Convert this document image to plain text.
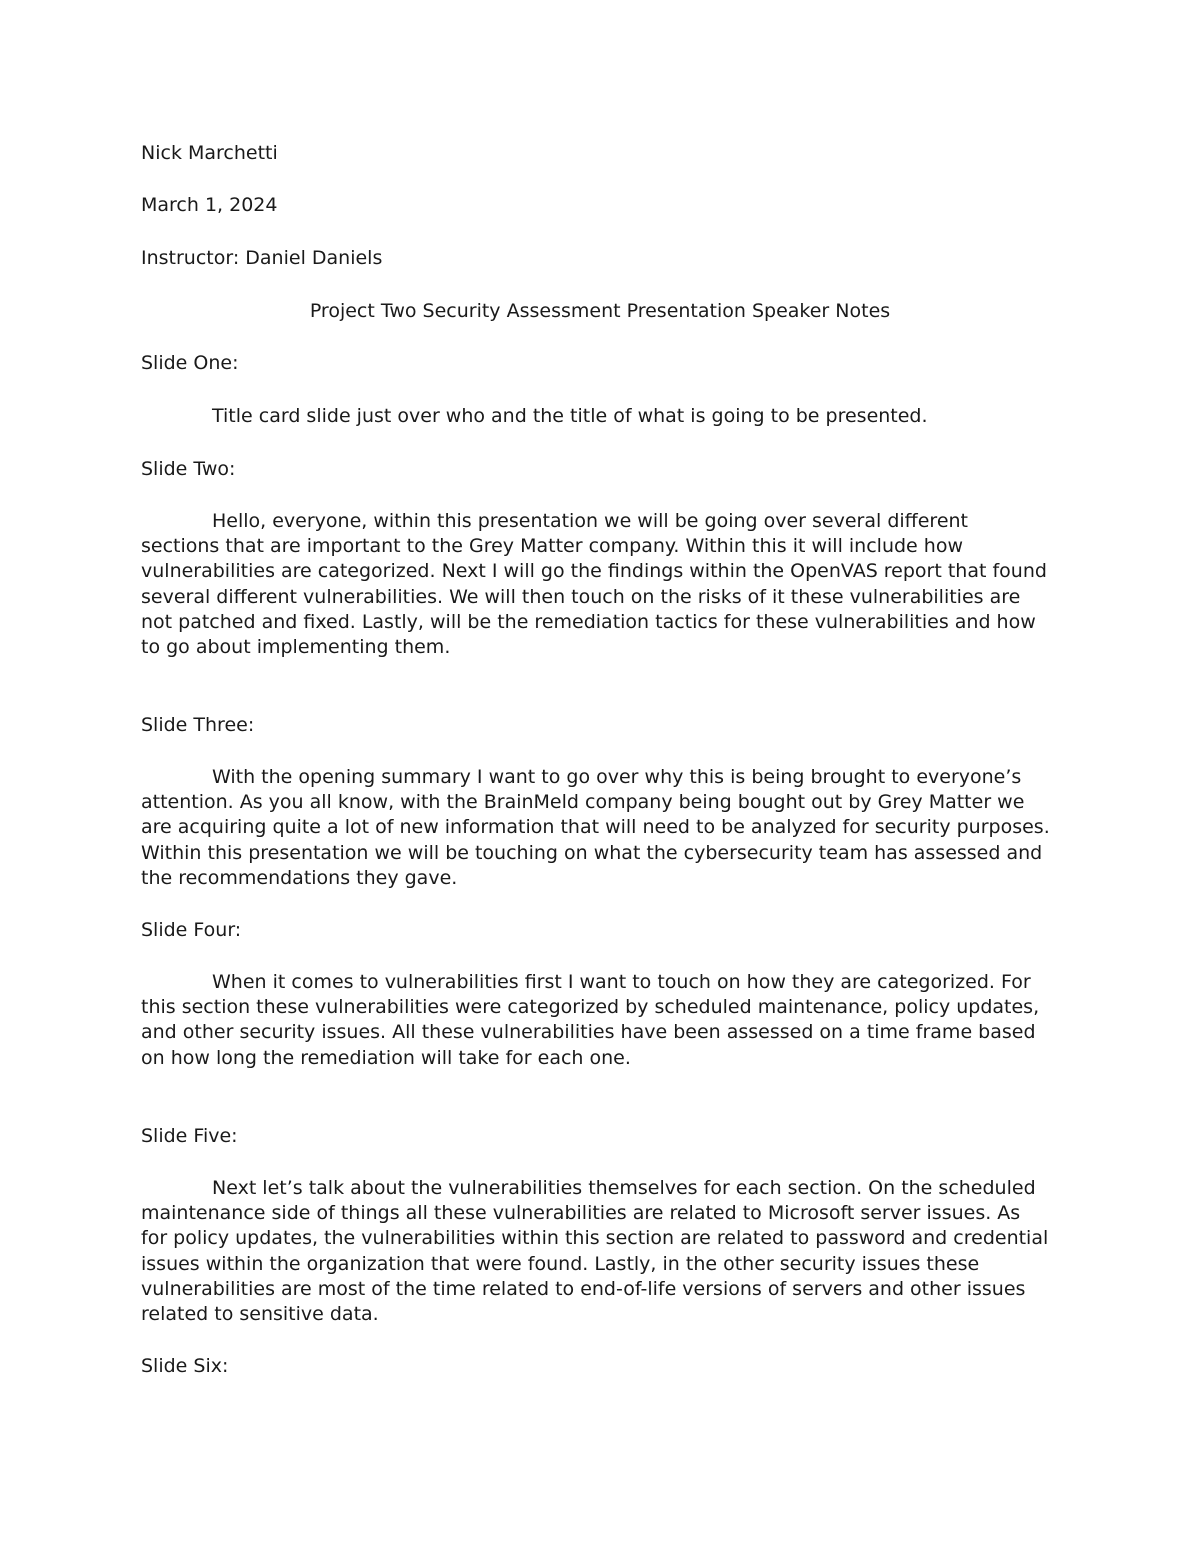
Nick Marchetti
March 1, 2024
Instructor: Daniel Daniels
Project Two Security Assessment Presentation Speaker Notes
Slide One:

Title card slide just over who and the title of what is going to be presented.

Slide Two:

Hello, everyone, within this presentation we will be going over several different sections that are important to the Grey Matter company. Within this it will include how vulnerabilities are categorized. Next I will go the findings within the OpenVAS report that found several different vulnerabilities. We will then touch on the risks of it these vulnerabilities are not patched and fixed. Lastly, will be the remediation tactics for these vulnerabilities and how to go about implementing them.

Slide Three:

With the opening summary I want to go over why this is being brought to everyone’s attention. As you all know, with the BrainMeld company being bought out by Grey Matter we are acquiring quite a lot of new information that will need to be analyzed for security purposes. Within this presentation we will be touching on what the cybersecurity team has assessed and the recommendations they gave.

Slide Four:

When it comes to vulnerabilities first I want to touch on how they are categorized. For this section these vulnerabilities were categorized by scheduled maintenance, policy updates, and other security issues. All these vulnerabilities have been assessed on a time frame based on how long the remediation will take for each one.

Slide Five:

Next let’s talk about the vulnerabilities themselves for each section. On the scheduled maintenance side of things all these vulnerabilities are related to Microsoft server issues. As for policy updates, the vulnerabilities within this section are related to password and credential issues within the organization that were found. Lastly, in the other security issues these vulnerabilities are most of the time related to end-of-life versions of servers and other issues related to sensitive data.

Slide Six:
